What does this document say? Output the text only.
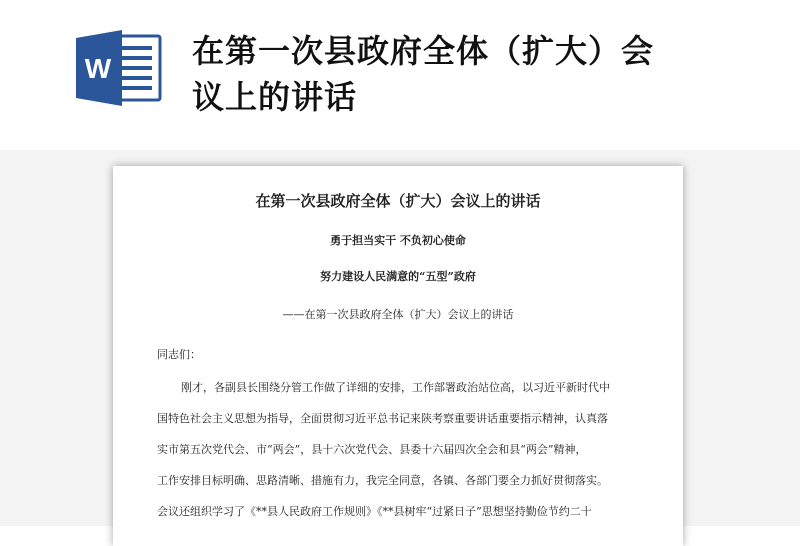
W	在第一次县政府全体（扩大）会
议上的讲话
在第一次县政府全体（扩大）会议上的讲话
勇于担当实干 不负初心使命
努力建设人民满意的“五型”政府
——在第一次县政府全体（扩大）会议上的讲话
同志们：
刚才，各副县长围绕分管工作做了详细的安排，工作部署政治站位高，以习近平新时代中
国特色社会主义思想为指导，全面贯彻习近平总书记来陕考察重要讲话重要指示精神，认真落
实市第五次党代会、市“两会”，县十六次党代会、县委十六届四次全会和县“两会”精神，
工作安排目标明确、思路清晰、措施有力，我完全同意，各镇、各部门要全力抓好贯彻落实。
会议还组织学习了《**县人民政府工作规则》《**县树牢“过紧日子”思想坚持勤俭节约二十
